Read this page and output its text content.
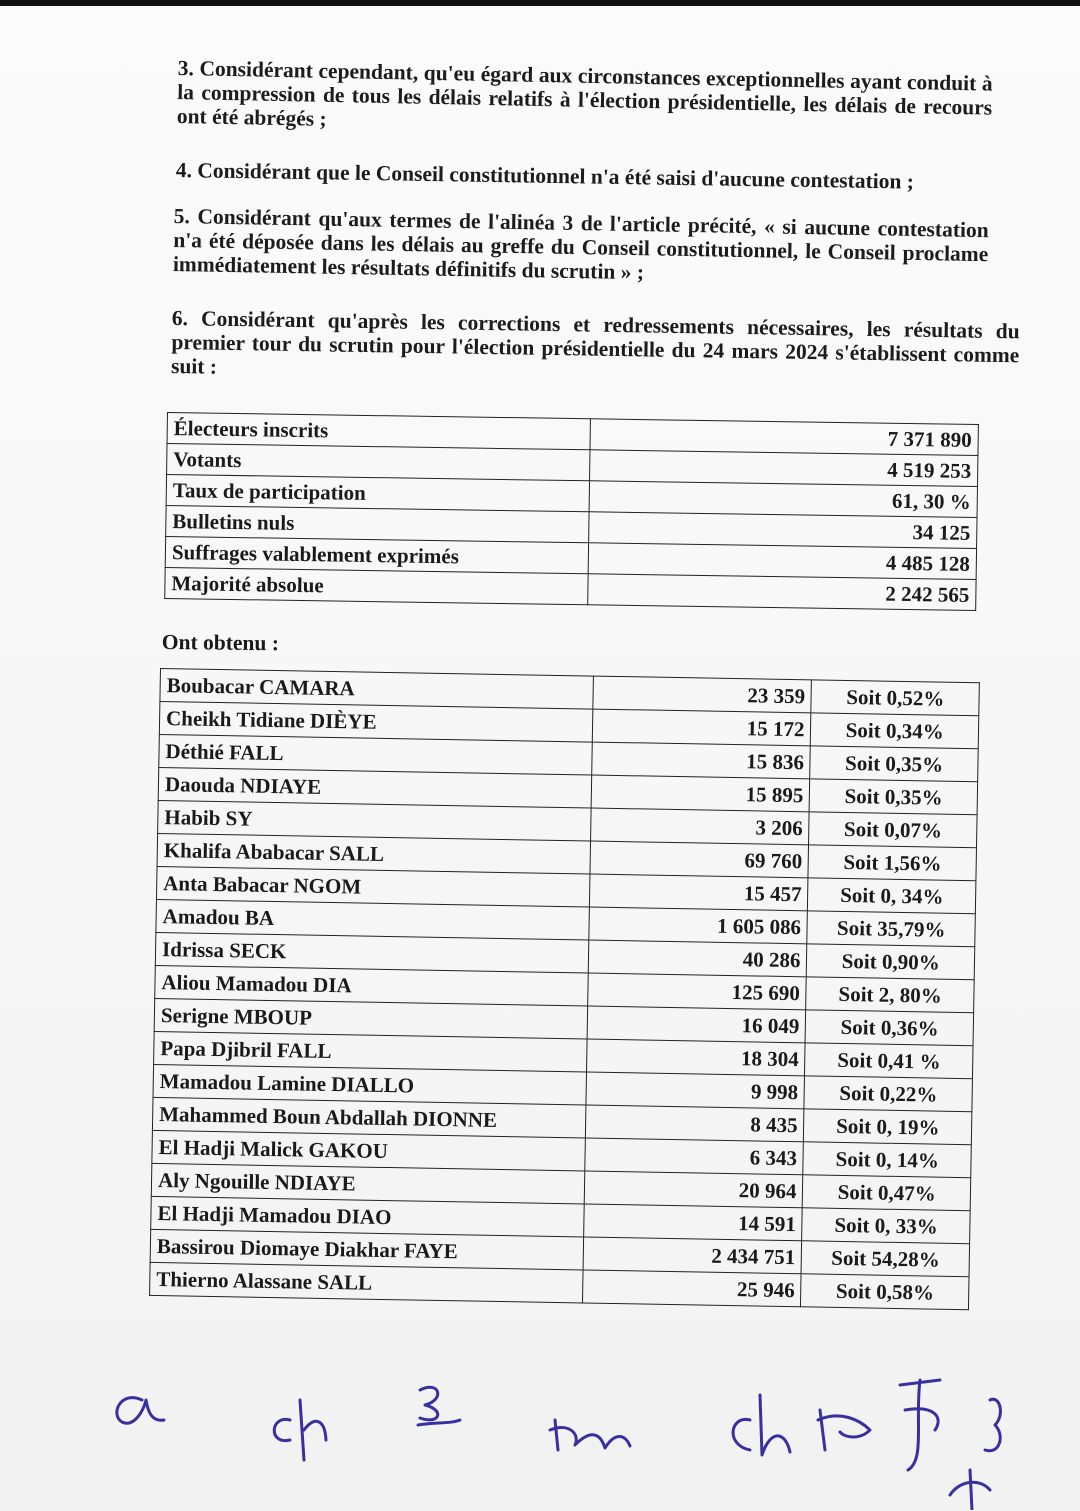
3. Considérant cependant, qu'eu égard aux circonstances exceptionnelles ayant conduit à la compression de tous les délais relatifs à l'élection présidentielle, les délais de recours ont été abrégés ;
4. Considérant que le Conseil constitutionnel n'a été saisi d'aucune contestation ;
5. Considérant qu'aux termes de l'alinéa 3 de l'article précité, « si aucune contestation n'a été déposée dans les délais au greffe du Conseil constitutionnel, le Conseil proclame immédiatement les résultats définitifs du scrutin » ;
6. Considérant qu'après les corrections et redressements nécessaires, les résultats du premier tour du scrutin pour l'élection présidentielle du 24 mars 2024 s'établissent comme suit :
Électeurs inscrits	7 371 890
Votants	4 519 253
Taux de participation	61, 30 %
Bulletins nuls	34 125
Suffrages valablement exprimés	4 485 128
Majorité absolue	2 242 565
Ont obtenu :
Boubacar CAMARA	23 359	Soit 0,52%
Cheikh Tidiane DIÈYE	15 172	Soit 0,34%
Déthié FALL	15 836	Soit 0,35%
Daouda NDIAYE	15 895	Soit 0,35%
Habib SY	3 206	Soit 0,07%
Khalifa Ababacar SALL	69 760	Soit 1,56%
Anta Babacar NGOM	15 457	Soit 0, 34%
Amadou BA	1 605 086	Soit 35,79%
Idrissa SECK	40 286	Soit 0,90%
Aliou Mamadou DIA	125 690	Soit 2, 80%
Serigne MBOUP	16 049	Soit 0,36%
Papa Djibril FALL	18 304	Soit 0,41 %
Mamadou Lamine DIALLO	9 998	Soit 0,22%
Mahammed Boun Abdallah DIONNE	8 435	Soit 0, 19%
El Hadji Malick GAKOU	6 343	Soit 0, 14%
Aly Ngouille NDIAYE	20 964	Soit 0,47%
El Hadji Mamadou DIAO	14 591	Soit 0, 33%
Bassirou Diomaye Diakhar FAYE	2 434 751	Soit 54,28%
Thierno Alassane SALL	25 946	Soit 0,58%
